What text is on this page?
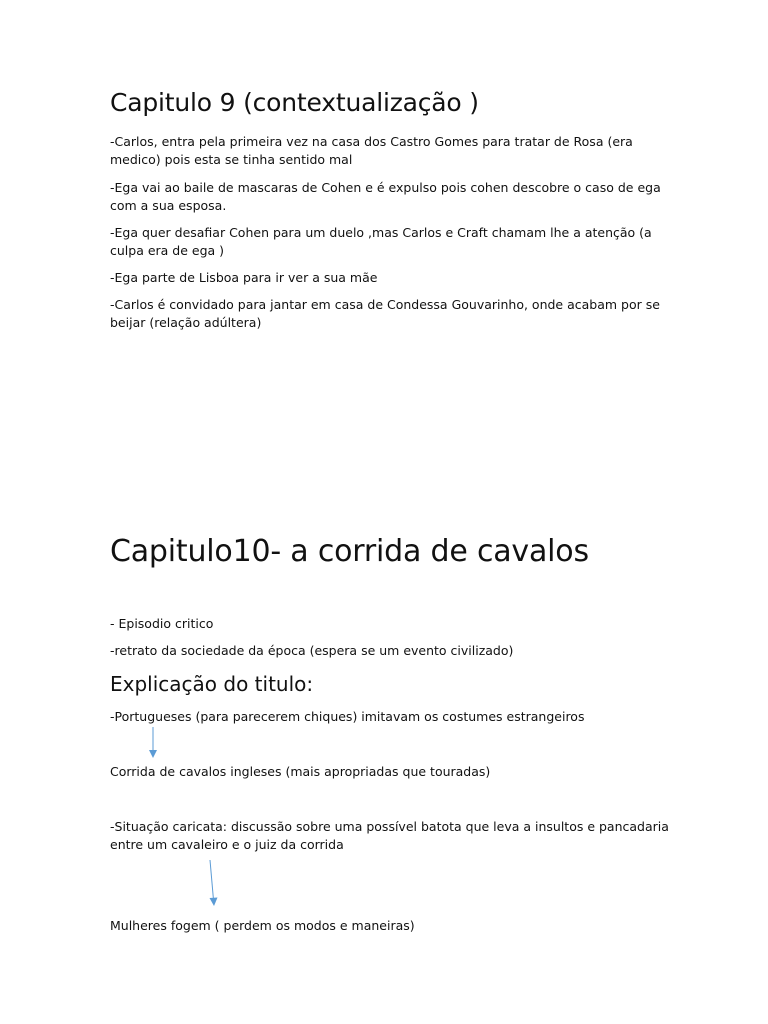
Capitulo 9 (contextualização )

-Carlos, entra pela primeira vez na casa dos Castro Gomes para tratar de Rosa (era medico) pois esta se tinha sentido mal

-Ega vai ao baile de mascaras de Cohen e é expulso pois cohen descobre o caso de ega com a sua esposa.

-Ega quer desafiar Cohen para um duelo ,mas Carlos e Craft chamam lhe a atenção (a culpa era de ega )

-Ega parte de Lisboa para ir ver a sua mãe

-Carlos é convidado para jantar em casa de Condessa Gouvarinho, onde acabam por se beijar (relação adúltera)

Capitulo10- a corrida de cavalos

- Episodio critico

-retrato da sociedade da época (espera se um evento civilizado)

Explicação do titulo:

-Portugueses (para parecerem chiques) imitavam os costumes estrangeiros

Corrida de cavalos ingleses (mais apropriadas que touradas)

-Situação caricata: discussão sobre uma possível batota que leva a insultos e pancadaria entre um cavaleiro e o juiz da corrida

Mulheres fogem ( perdem os modos e maneiras)
